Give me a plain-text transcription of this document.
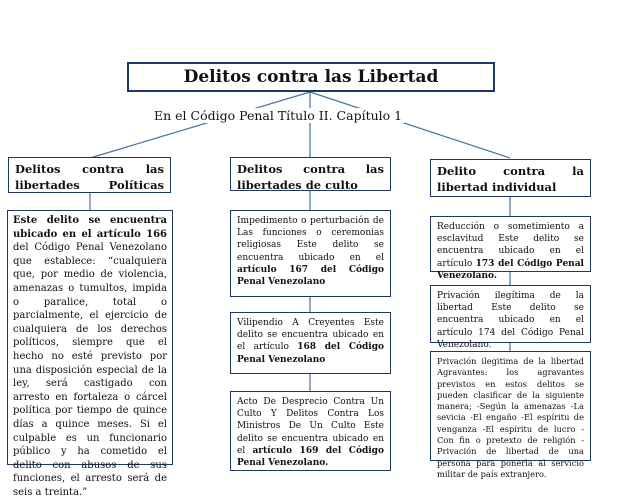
Delitos contra las Libertad
En el Código Penal Título II. Capítulo 1
Delitos contra las libertades Políticas
Este delito se encuentra ubicado en el artículo 166 del Código Penal Venezolano que establece: “cualquiera que, por medio de violencia, amenazas o tumultos, impida o paralice, total o parcialmente, el ejercicio de cualquiera de los derechos políticos, siempre que el hecho no esté previsto por una disposición especial de la ley, será castigado con arresto en fortaleza o cárcel política por tiempo de quince días a quince meses. Si el culpable es un funcionario público y ha cometido el delito con abusos de sus funciones, el arresto será de seis a treinta.”
Delitos contra las libertades de culto
Impedimento o perturbación de Las funciones o ceremonias religiosas Este delito se encuentra ubicado en el artículo 167 del Código Penal Venezolano
Vilipendio A Creyentes Este delito se encuentra ubicado en el artículo 168 del Código Penal Venezolano
Acto De Desprecio Contra Un Culto Y Delitos Contra Los Ministros De Un Culto Este delito se encuentra ubicado en el artículo 169 del Código Penal Venezolano.
Delito contra la libertad individual
Reducción o sometimiento a esclavitud Este delito se encuentra ubicado en el artículo 173 del Código Penal Venezolano.
Privación ilegítima de la libertad Este delito se encuentra ubicado en el artículo 174 del Código Penal Venezolano.
Privación ilegitima de la libertad Agravantes: los agravantes previstos en estos delitos se pueden clasificar de la siguiente manera; -Según la amenazas -La sevicia -El engaño -El espíritu de venganza -El espíritu de lucro -Con fin o pretexto de religión -Privación de libertad de una persona para ponerla al servicio militar de país extranjero.
